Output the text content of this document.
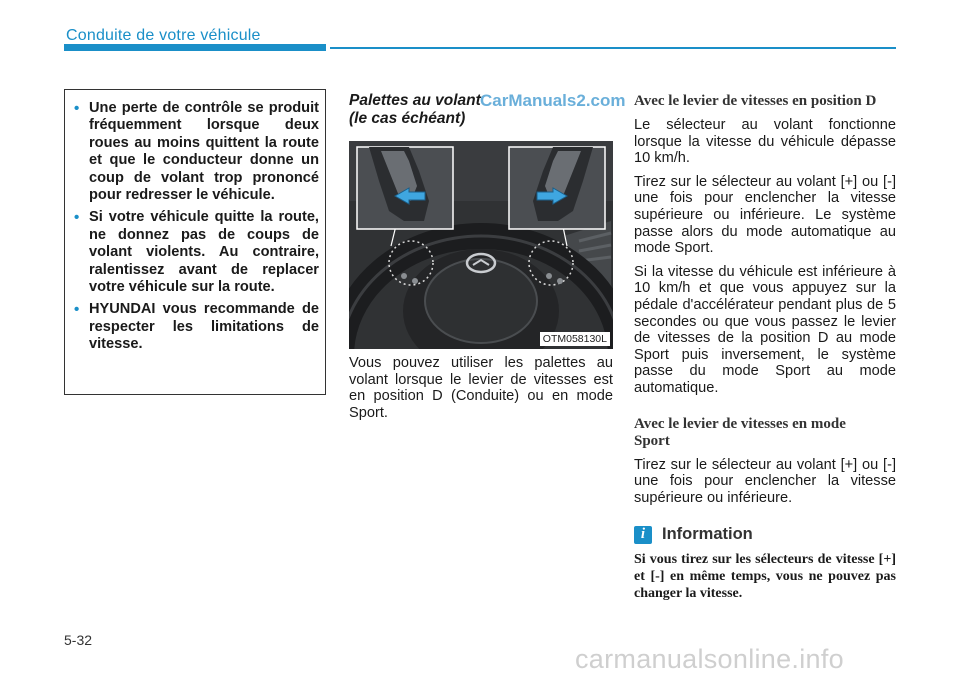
Conduite de votre véhicule
• Une perte de contrôle se produit fréquemment lorsque deux roues au moins quittent la route et que le conducteur donne un coup de volant trop prononcé pour redresser le véhicule.
• Si votre véhicule quitte la route, ne donnez pas de coups de volant violents. Au contraire, ralentissez avant de replacer votre véhicule sur la route.
• HYUNDAI vous recommande de respecter les limitations de vitesse.
Palettes au volant
(le cas échéant)
CarManuals2.com
OTM058130L
Vous pouvez utiliser les palettes au volant lorsque le levier de vitesses est en position D (Conduite) ou en mode Sport.
Avec le levier de vitesses en position D

Le sélecteur au volant fonctionne lorsque la vitesse du véhicule dépasse 10 km/h.

Tirez sur le sélecteur au volant [+] ou [-] une fois pour enclencher la vitesse supérieure ou inférieure. Le système passe alors du mode automatique au mode Sport.

Si la vitesse du véhicule est inférieure à 10 km/h et que vous appuyez sur la pédale d'accélérateur pendant plus de 5 secondes ou que vous passez le levier de vitesses de la position D au mode Sport puis inversement, le système passe du mode Sport au mode automatique.

Avec le levier de vitesses en mode
Sport

Tirez sur le sélecteur au volant [+] ou [-] une fois pour enclencher la vitesse supérieure ou inférieure.

i	Information
Si vous tirez sur les sélecteurs de vitesse [+] et [-] en même temps, vous ne pouvez pas changer la vitesse.
5-32
carmanualsonline.info
